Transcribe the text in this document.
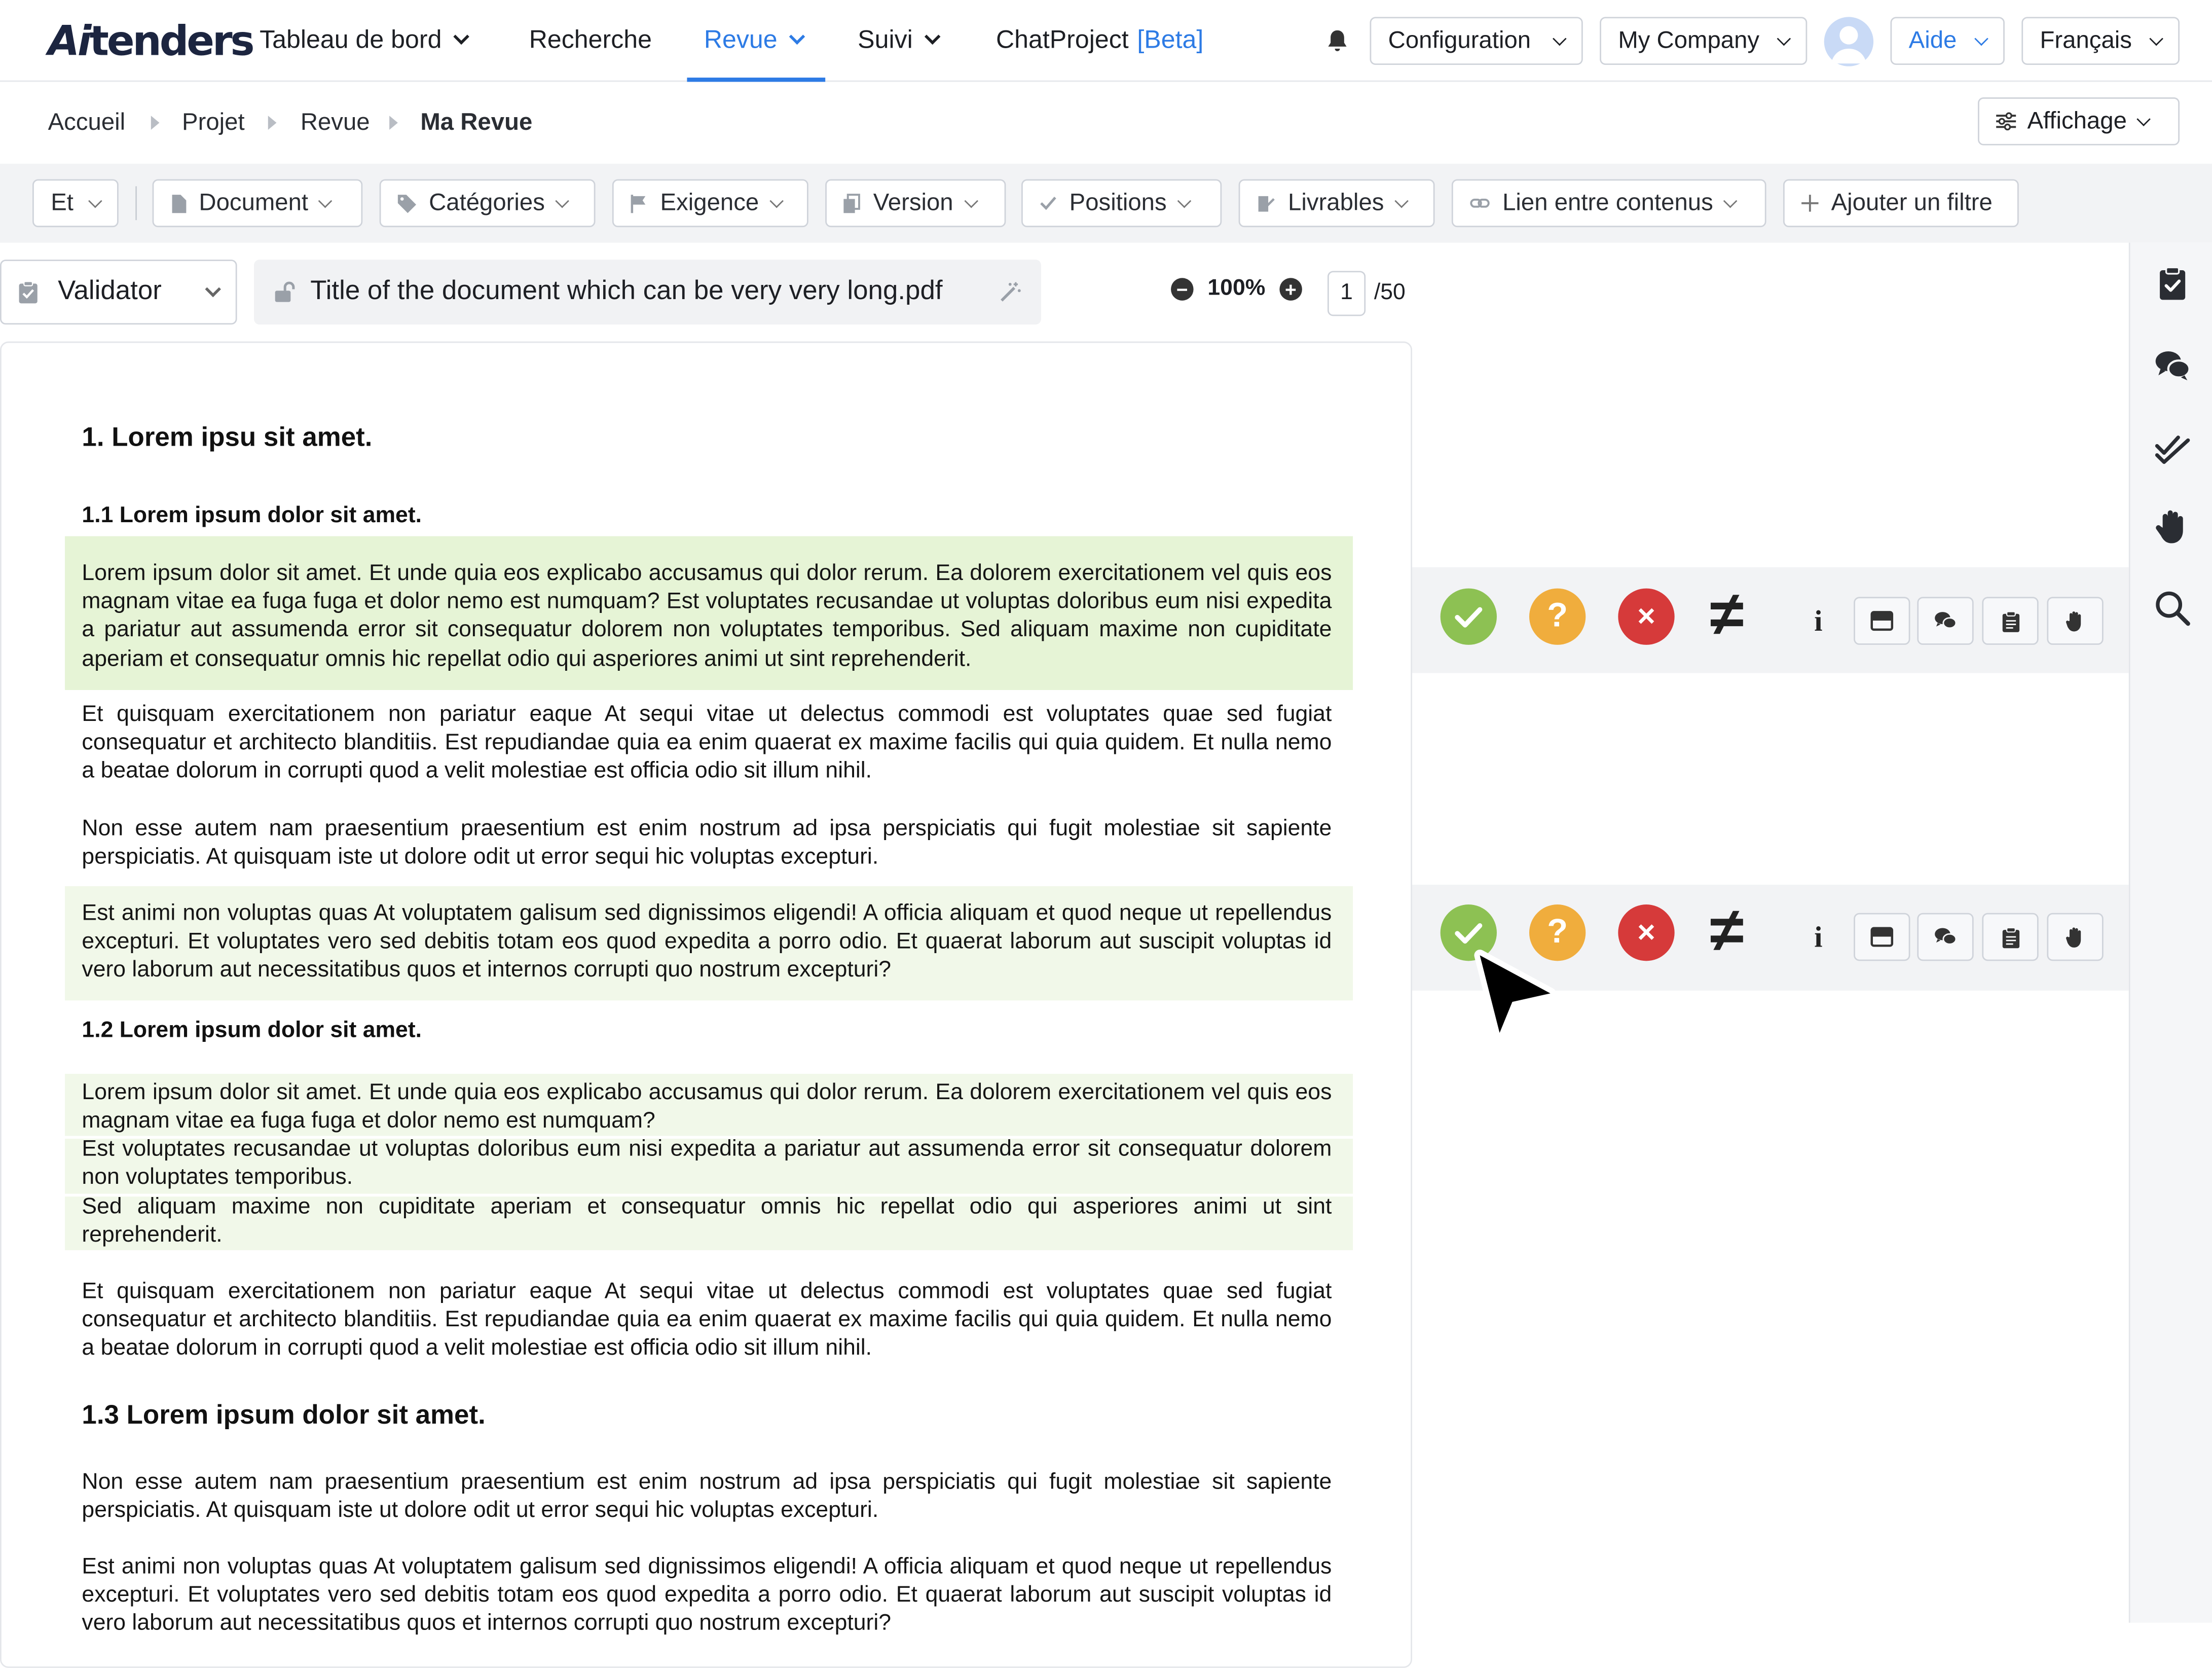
Aitenders Tableau de bord	Recherche	Revue	Suivi	ChatProject [Beta]	Configuration	My Company	Aide	Français
Accueil	Projet	Revue	Ma Revue	Affichage
Et	Document	Catégories	Exigence	Version	Positions	Livrables	Lien entre contenus	Ajouter un filtre
Validator	Title of the document which can be very very long.pdf	−	100%	+	1	/50
1. Lorem ipsu sit amet.
1.1 Lorem ipsum dolor sit amet.
Lorem ipsum dolor sit amet. Et unde quia eos explicabo accusamus qui dolor rerum. Ea dolorem exercitationem vel quis eos magnam vitae ea fuga fuga et dolor nemo est numquam? Est voluptates recusandae ut voluptas doloribus eum nisi expedita a pariatur aut assumenda error sit consequatur dolorem non voluptates temporibus. Sed aliquam maxime non cupiditate aperiam et consequatur omnis hic repellat odio qui asperiores animi ut sint reprehenderit.
Et quisquam exercitationem non pariatur eaque At sequi vitae ut delectus commodi est voluptates quae sed fugiat consequatur et architecto blanditiis. Est repudiandae quia ea enim quaerat ex maxime facilis qui quia quidem. Et nulla nemo a beatae dolorum in corrupti quod a velit molestiae est officia odio sit illum nihil.
Non esse autem nam praesentium praesentium est enim nostrum ad ipsa perspiciatis qui fugit molestiae sit sapiente perspiciatis. At quisquam iste ut dolore odit ut error sequi hic voluptas excepturi.
Est animi non voluptas quas At voluptatem galisum sed dignissimos eligendi! A officia aliquam et quod neque ut repellendus excepturi. Et voluptates vero sed debitis totam eos quod expedita a porro odio. Et quaerat laborum aut suscipit voluptas id vero laborum aut necessitatibus quos et internos corrupti quo nostrum excepturi?
1.2 Lorem ipsum dolor sit amet.
Lorem ipsum dolor sit amet. Et unde quia eos explicabo accusamus qui dolor rerum. Ea dolorem exercitationem vel quis eos magnam vitae ea fuga fuga et dolor nemo est numquam?
Est voluptates recusandae ut voluptas doloribus eum nisi expedita a pariatur aut assumenda error sit consequatur dolorem non voluptates temporibus.
Sed aliquam maxime non cupiditate aperiam et consequatur omnis hic repellat odio qui asperiores animi ut sint reprehenderit.
Et quisquam exercitationem non pariatur eaque At sequi vitae ut delectus commodi est voluptates quae sed fugiat consequatur et architecto blanditiis. Est repudiandae quia ea enim quaerat ex maxime facilis qui quia quidem. Et nulla nemo a beatae dolorum in corrupti quod a velit molestiae est officia odio sit illum nihil.
1.3 Lorem ipsum dolor sit amet.
Non esse autem nam praesentium praesentium est enim nostrum ad ipsa perspiciatis qui fugit molestiae sit sapiente perspiciatis. At quisquam iste ut dolore odit ut error sequi hic voluptas excepturi.
Est animi non voluptas quas At voluptatem galisum sed dignissimos eligendi! A officia aliquam et quod neque ut repellendus excepturi. Et voluptates vero sed debitis totam eos quod expedita a porro odio. Et quaerat laborum aut suscipit voluptas id vero laborum aut necessitatibus quos et internos corrupti quo nostrum excepturi?
?	×	≠	i
?	×	≠	i
